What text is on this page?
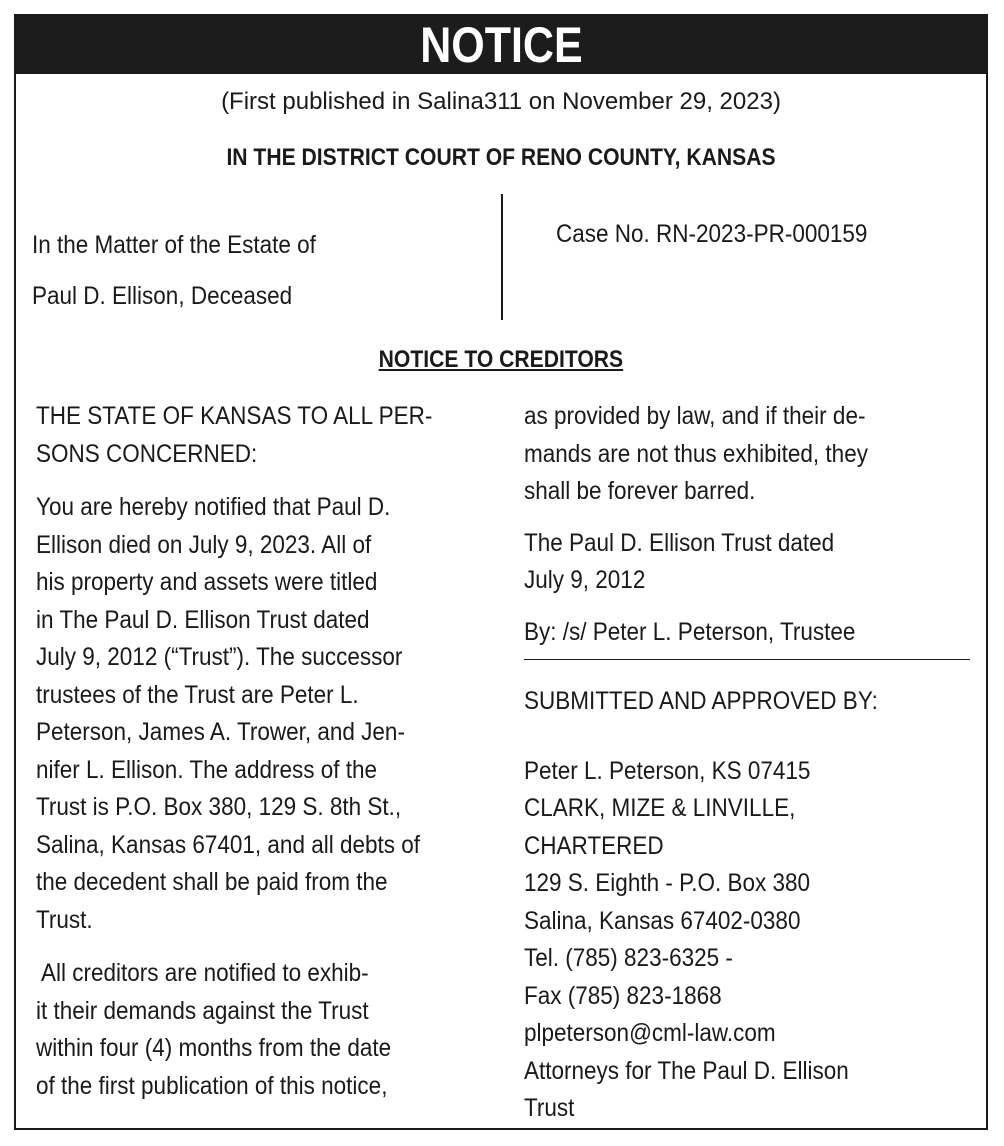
NOTICE
(First published in Salina311 on November 29, 2023)
IN THE DISTRICT COURT OF RENO COUNTY, KANSAS
In the Matter of the Estate of
Paul D. Ellison, Deceased
Case No. RN-2023-PR-000159
NOTICE TO CREDITORS

THE STATE OF KANSAS TO ALL PER-
SONS CONCERNED:

You are hereby notified that Paul D.
Ellison died on July 9, 2023. All of
his property and assets were titled
in The Paul D. Ellison Trust dated
July 9, 2012 (“Trust”). The successor
trustees of the Trust are Peter L.
Peterson, James A. Trower, and Jen-
nifer L. Ellison. The address of the
Trust is P.O. Box 380, 129 S. 8th St.,
Salina, Kansas 67401, and all debts of
the decedent shall be paid from the
Trust.

All creditors are notified to exhib-
it their demands against the Trust
within four (4) months from the date
of the first publication of this notice,

as provided by law, and if their de-
mands are not thus exhibited, they
shall be forever barred.

The Paul D. Ellison Trust dated
July 9, 2012

By: /s/ Peter L. Peterson, Trustee

SUBMITTED AND APPROVED BY:

Peter L. Peterson, KS 07415
CLARK, MIZE & LINVILLE,
CHARTERED
129 S. Eighth - P.O. Box 380
Salina, Kansas 67402-0380
Tel. (785) 823-6325 -
Fax (785) 823-1868
plpeterson@cml-law.com
Attorneys for The Paul D. Ellison
Trust
